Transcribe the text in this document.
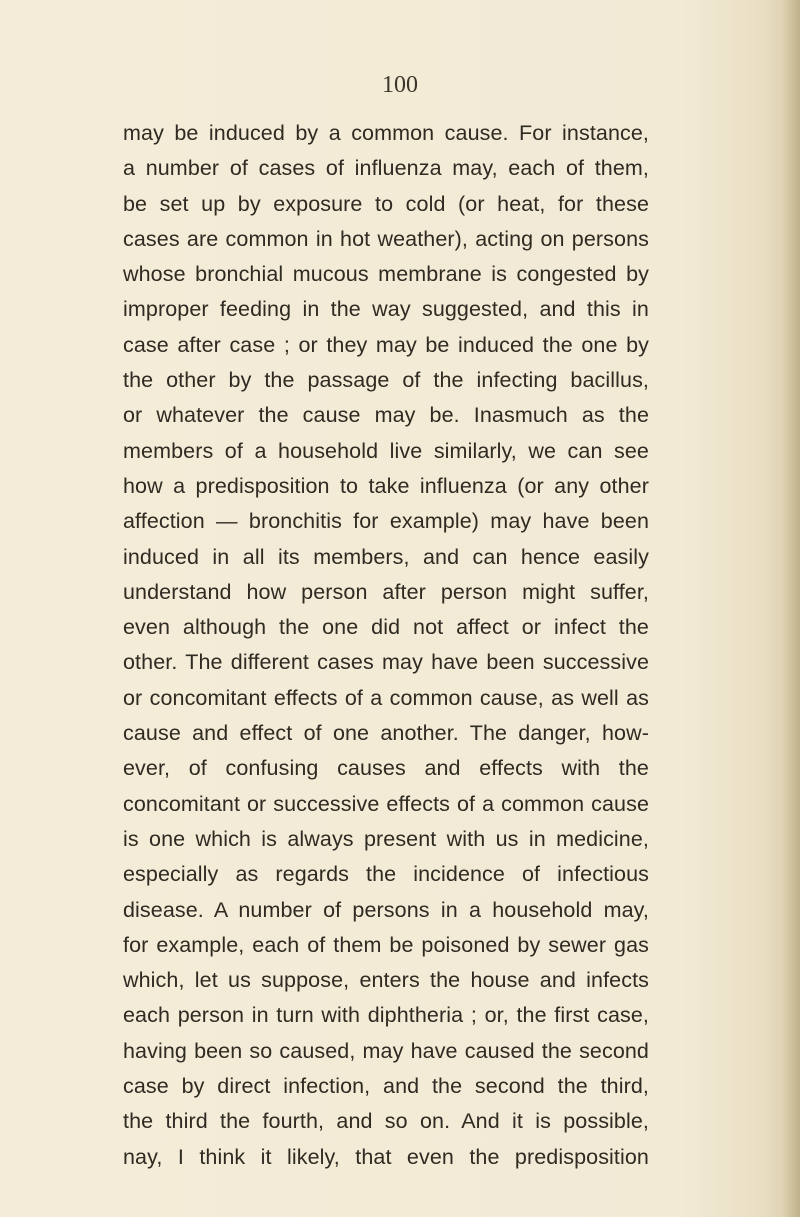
100
may be induced by a common cause. For instance,
a number of cases of influenza may, each of them,
be set up by exposure to cold (or heat, for these
cases are common in hot weather), acting on persons
whose bronchial mucous membrane is congested by
improper feeding in the way suggested, and this in
case after case ; or they may be induced the one by
the other by the passage of the infecting bacillus,
or whatever the cause may be. Inasmuch as the
members of a household live similarly, we can see
how a predisposition to take influenza (or any other
affection — bronchitis for example) may have been
induced in all its members, and can hence easily
understand how person after person might suffer,
even although the one did not affect or infect the
other. The different cases may have been successive
or concomitant effects of a common cause, as well as
cause and effect of one another. The danger, how-
ever, of confusing causes and effects with the
concomitant or successive effects of a common cause
is one which is always present with us in medicine,
especially as regards the incidence of infectious
disease. A number of persons in a household may,
for example, each of them be poisoned by sewer gas
which, let us suppose, enters the house and infects
each person in turn with diphtheria ; or, the first case,
having been so caused, may have caused the second
case by direct infection, and the second the third,
the third the fourth, and so on. And it is possible,
nay, I think it likely, that even the predisposition
